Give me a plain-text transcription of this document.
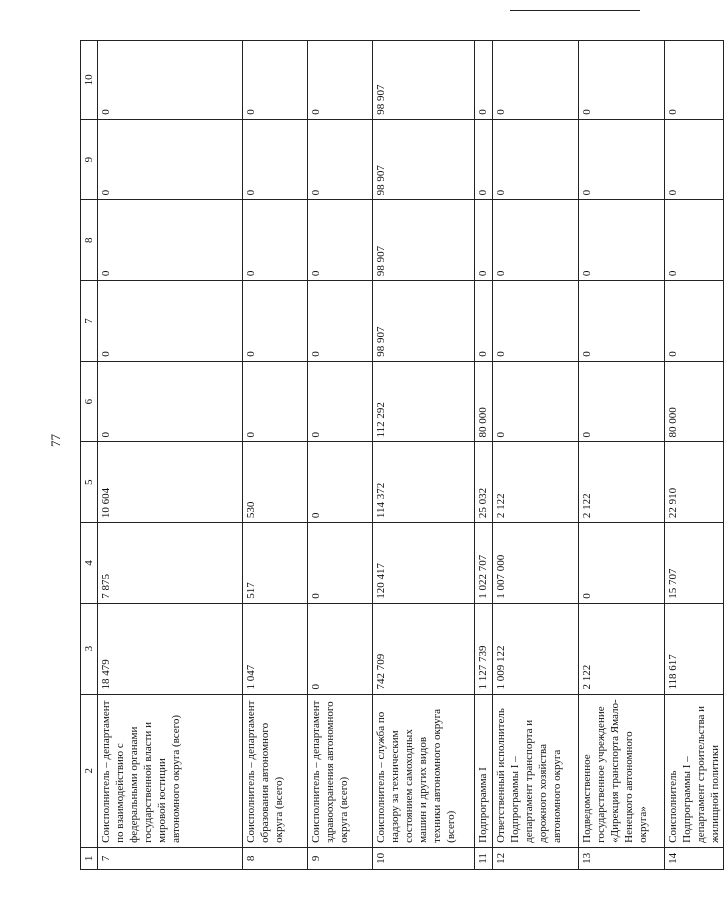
77
1	2	3	4	5	6	7	8	9	10
7	Соисполнитель – департамент по взаимодействию с федеральными органами государственной власти и мировой юстиции автономного округа (всего)	18 479	7 875	10 604	0	0	0	0	0
8	Соисполнитель – департамент образования автономного округа (всего)	1 047	517	530	0	0	0	0	0
9	Соисполнитель – департамент здравоохранения автономного округа (всего)	0	0	0	0	0	0	0	0
10	Соисполнитель – служба по надзору за техническим состоянием самоходных машин и других видов техники автономного округа (всего)	742 709	120 417	114 372	112 292	98 907	98 907	98 907	98 907
11	Подпрограмма I	1 127 739	1 022 707	25 032	80 000	0	0	0	0
12	Ответственный исполнитель Подпрограммы I – департамент транспорта и дорожного хозяйства автономного округа	1 009 122	1 007 000	2 122	0	0	0	0	0
13	Подведомственное государственное учреждение «Дирекция транспорта Ямало-Ненецкого автономного округа»	2 122	0	2 122	0	0	0	0	0
14	Соисполнитель Подпрограммы I – департамент строительства и жилищной политики	118 617	15 707	22 910	80 000	0	0	0	0
